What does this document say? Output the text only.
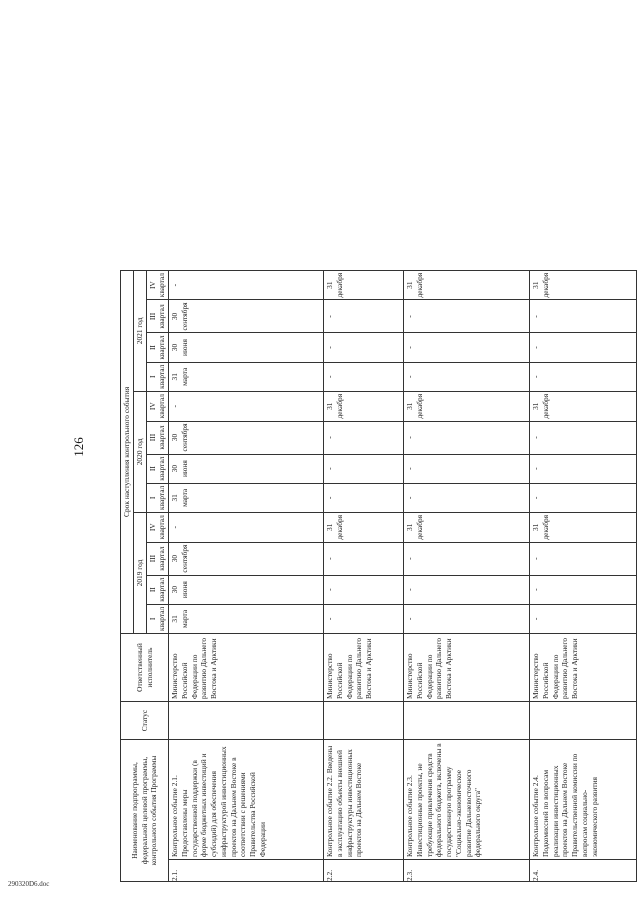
126
Наименование подпрограммы, федеральной целевой программы, контрольного события Программы		Статус	Ответственный исполнитель	Срок наступления контрольного события											
				2019 год				2020 год				2021 год			
				I квартал	II квартал	III квартал	IV квартал	I квартал	II квартал	III квартал	IV квартал	I квартал	II квартал	III квартал	IV квартал
2.1.	Контрольное событие 2.1. Предоставлены меры государственной поддержки (в форме бюджетных инвестиций и субсидий) для обеспечения инфраструктурой инвестиционных проектов на Дальнем Востоке в соответствии с решениями Правительства Российской Федерации		Министерство Российской Федерации по развитию Дальнего Востока и Арктики	31 марта	30 июня	30 сентября	-	31 марта	30 июня	30 сентября	-	31 марта	30 июня	30 сентября	-
2.2.	Контрольное событие 2.2. Введены в эксплуатацию объекты внешней инфраструктуры инвестиционных проектов на Дальнем Востоке		Министерство Российской Федерации по развитию Дальнего Востока и Арктики	-	-	-	31 декабря	-	-	-	31 декабря	-	-	-	31 декабря
2.3.	Контрольное событие 2.3. Инвестиционные проекты, не требующие привлечения средств федерального бюджета, включены в государственную программу "Социально-экономическое развитие Дальневосточного федерального округа"		Министерство Российской Федерации по развитию Дальнего Востока и Арктики	-	-	-	31 декабря	-	-	-	31 декабря	-	-	-	31 декабря
2.4.	Контрольное событие 2.4. Подкомиссией по вопросам реализации инвестиционных проектов на Дальнем Востоке Правительственной комиссии по вопросам социально-экономического развития		Министерство Российской Федерации по развитию Дальнего Востока и Арктики	-	-	-	31 декабря	-	-	-	31 декабря	-	-	-	31 декабря
290320D6.doc
